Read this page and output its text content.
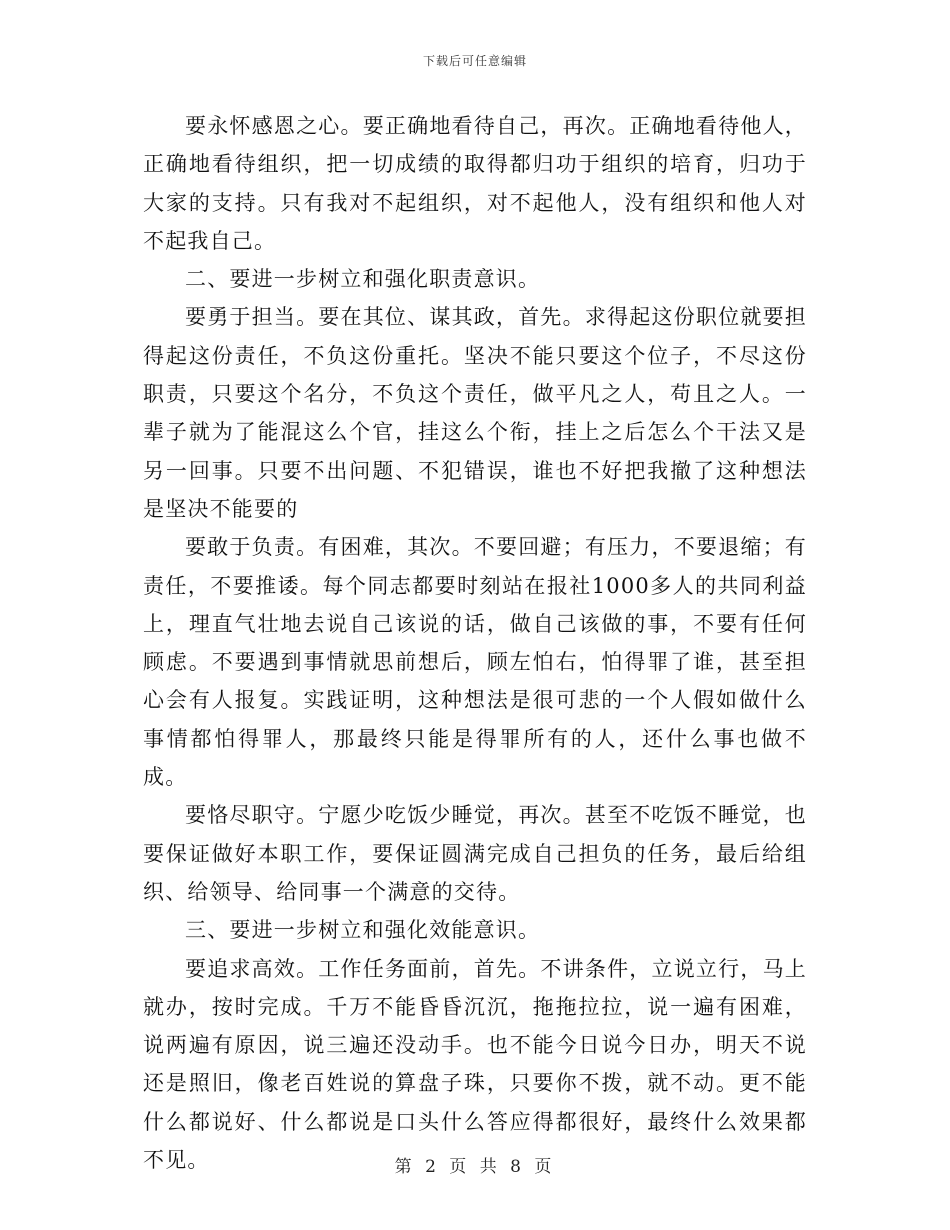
下载后可任意编辑

要永怀感恩之心。要正确地看待自己，再次。正确地看待他人，正确地看待组织，把一切成绩的取得都归功于组织的培育，归功于大家的支持。只有我对不起组织，对不起他人，没有组织和他人对不起我自己。

二、要进一步树立和强化职责意识。

要勇于担当。要在其位、谋其政，首先。求得起这份职位就要担得起这份责任，不负这份重托。坚决不能只要这个位子，不尽这份职责，只要这个名分，不负这个责任，做平凡之人，苟且之人。一辈子就为了能混这么个官，挂这么个衔，挂上之后怎么个干法又是另一回事。只要不出问题、不犯错误，谁也不好把我撤了这种想法是坚决不能要的

要敢于负责。有困难，其次。不要回避；有压力，不要退缩；有责任，不要推诿。每个同志都要时刻站在报社1000多人的共同利益上，理直气壮地去说自己该说的话，做自己该做的事，不要有任何顾虑。不要遇到事情就思前想后，顾左怕右，怕得罪了谁，甚至担心会有人报复。实践证明，这种想法是很可悲的一个人假如做什么事情都怕得罪人，那最终只能是得罪所有的人，还什么事也做不成。

要恪尽职守。宁愿少吃饭少睡觉，再次。甚至不吃饭不睡觉，也要保证做好本职工作，要保证圆满完成自己担负的任务，最后给组织、给领导、给同事一个满意的交待。

三、要进一步树立和强化效能意识。

要追求高效。工作任务面前，首先。不讲条件，立说立行，马上就办，按时完成。千万不能昏昏沉沉，拖拖拉拉，说一遍有困难，说两遍有原因，说三遍还没动手。也不能今日说今日办，明天不说还是照旧，像老百姓说的算盘子珠，只要你不拨，就不动。更不能什么都说好、什么都说是口头什么答应得都很好，最终什么效果都不见。	第 2 页 共 8 页
